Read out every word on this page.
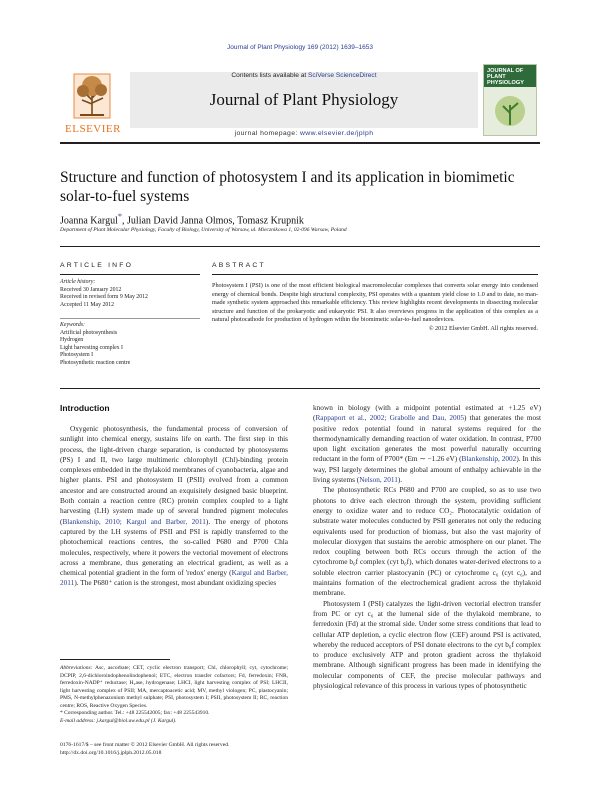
Journal of Plant Physiology 169 (2012) 1639–1653
ELSEVIER
Contents lists available at SciVerse ScienceDirect
Journal of Plant Physiology
journal homepage: www.elsevier.de/jplph
JOURNAL OF PLANT PHYSIOLOGY
Structure and function of photosystem I and its application in biomimetic solar-to-fuel systems
Joanna Kargul*, Julian David Janna Olmos, Tomasz Krupnik
Department of Plant Molecular Physiology, Faculty of Biology, University of Warsaw, ul. Miecznikowa 1, 02-096 Warsaw, Poland
ARTICLE INFO
Article history:
Received 30 January 2012
Received in revised form 9 May 2012
Accepted 11 May 2012
Keywords:
Artificial photosynthesis
Hydrogen
Light harvesting complex I
Photosystem I
Photosynthetic reaction centre
ABSTRACT
Photosystem I (PSI) is one of the most efficient biological macromolecular complexes that converts solar energy into condensed energy of chemical bonds. Despite high structural complexity, PSI operates with a quantum yield close to 1.0 and to date, no man-made synthetic system approached this remarkable efficiency. This review highlights recent developments in dissecting molecular structure and function of the prokaryotic and eukaryotic PSI. It also overviews progress in the application of this complex as a natural photocathode for production of hydrogen within the biomimetic solar-to-fuel nanodevices.
© 2012 Elsevier GmbH. All rights reserved.
Introduction

Oxygenic photosynthesis, the fundamental process of conversion of sunlight into chemical energy, sustains life on earth. The first step in this process, the light-driven charge separation, is conducted by photosystems (PS) I and II, two large multimeric chlorophyll (Chl)-binding protein complexes embedded in the thylakoid membranes of cyanobacteria, algae and higher plants. PSI and photosystem II (PSII) evolved from a common ancestor and are constructed around an exquisitely designed basic blueprint. Both contain a reaction centre (RC) protein complex coupled to a light harvesting (LH) system made up of several hundred pigment molecules (Blankenship, 2010; Kargul and Barber, 2011). The energy of photons captured by the LH systems of PSII and PSI is rapidly transferred to the photochemical reactions centres, the so-called P680 and P700 Chla molecules, respectively, where it powers the vectorial movement of electrons across a membrane, thus generating an electrical gradient, as well as a chemical potential gradient in the form of 'redox' energy (Kargul and Barber, 2011). The P680⁺ cation is the strongest, most abundant oxidizing species

known in biology (with a midpoint potential estimated at +1.25 eV) (Rappaport et al., 2002; Grabolle and Dau, 2005) that generates the most positive redox potential found in natural systems required for the thermodynamically demanding reaction of water oxidation. In contrast, P700 upon light excitation generates the most powerful naturally occurring reductant in the form of P700* (Em ∼ −1.26 eV) (Blankenship, 2002). In this way, PSI largely determines the global amount of enthalpy achievable in the living systems (Nelson, 2011).

The photosynthetic RCs P680 and P700 are coupled, so as to use two photons to drive each electron through the system, providing sufficient energy to oxidize water and to reduce CO₂. Photocatalytic oxidation of substrate water molecules conducted by PSII generates not only the reducing equivalents used for production of biomass, but also the vast majority of molecular dioxygen that sustains the aerobic atmosphere on our planet. The redox coupling between both RCs occurs through the action of the cytochrome b₆f complex (cyt b₆f), which donates water-derived electrons to a soluble electron carrier plastocyanin (PC) or cytochrome c₆ (cyt c₆), and maintains formation of the electrochemical gradient across the thylakoid membrane.

Photosystem I (PSI) catalyzes the light-driven vectorial electron transfer from PC or cyt c₆ at the lumenal side of the thylakoid membrane, to ferredoxin (Fd) at the stromal side. Under some stress conditions that lead to cellular ATP depletion, a cyclic electron flow (CEF) around PSI is activated, whereby the reduced acceptors of PSI donate electrons to the cyt b₆f complex to produce exclusively ATP and proton gradient across the thylakoid membrane. Although significant progress has been made in identifying the molecular components of CEF, the precise molecular pathways and physiological relevance of this process in various types of photosynthetic

Abbreviations: Asc, ascorbate; CET, cyclic electron transport; Chl, chlorophyll; cyt, cytochrome; DCPIP, 2,6-dichloroindophenolindophenol; ETC, electron transfer cofactors; Fd, ferredoxin; FNR, ferredoxin-NADP⁺ reductase; H₂ase, hydrogenase; LHCI, light harvesting complex of PSI; LHCII, light harvesting complex of PSII; MA, mercaptoacetic acid; MV, methyl viologen; PC, plastocyanin; PMS, N-methylphenazonium methyl sulphate; PSI, photosystem I; PSII, photosystem II; RC, reaction centre; ROS, Reactive Oxygen Species.
* Corresponding author. Tel.: +48 225542005; fax: +48 225543910.
E-mail address: j.kargul@biol.uw.edu.pl (J. Kargul).
0176-1617/$ – see front matter © 2012 Elsevier GmbH. All rights reserved.
http://dx.doi.org/10.1016/j.jplph.2012.05.018
